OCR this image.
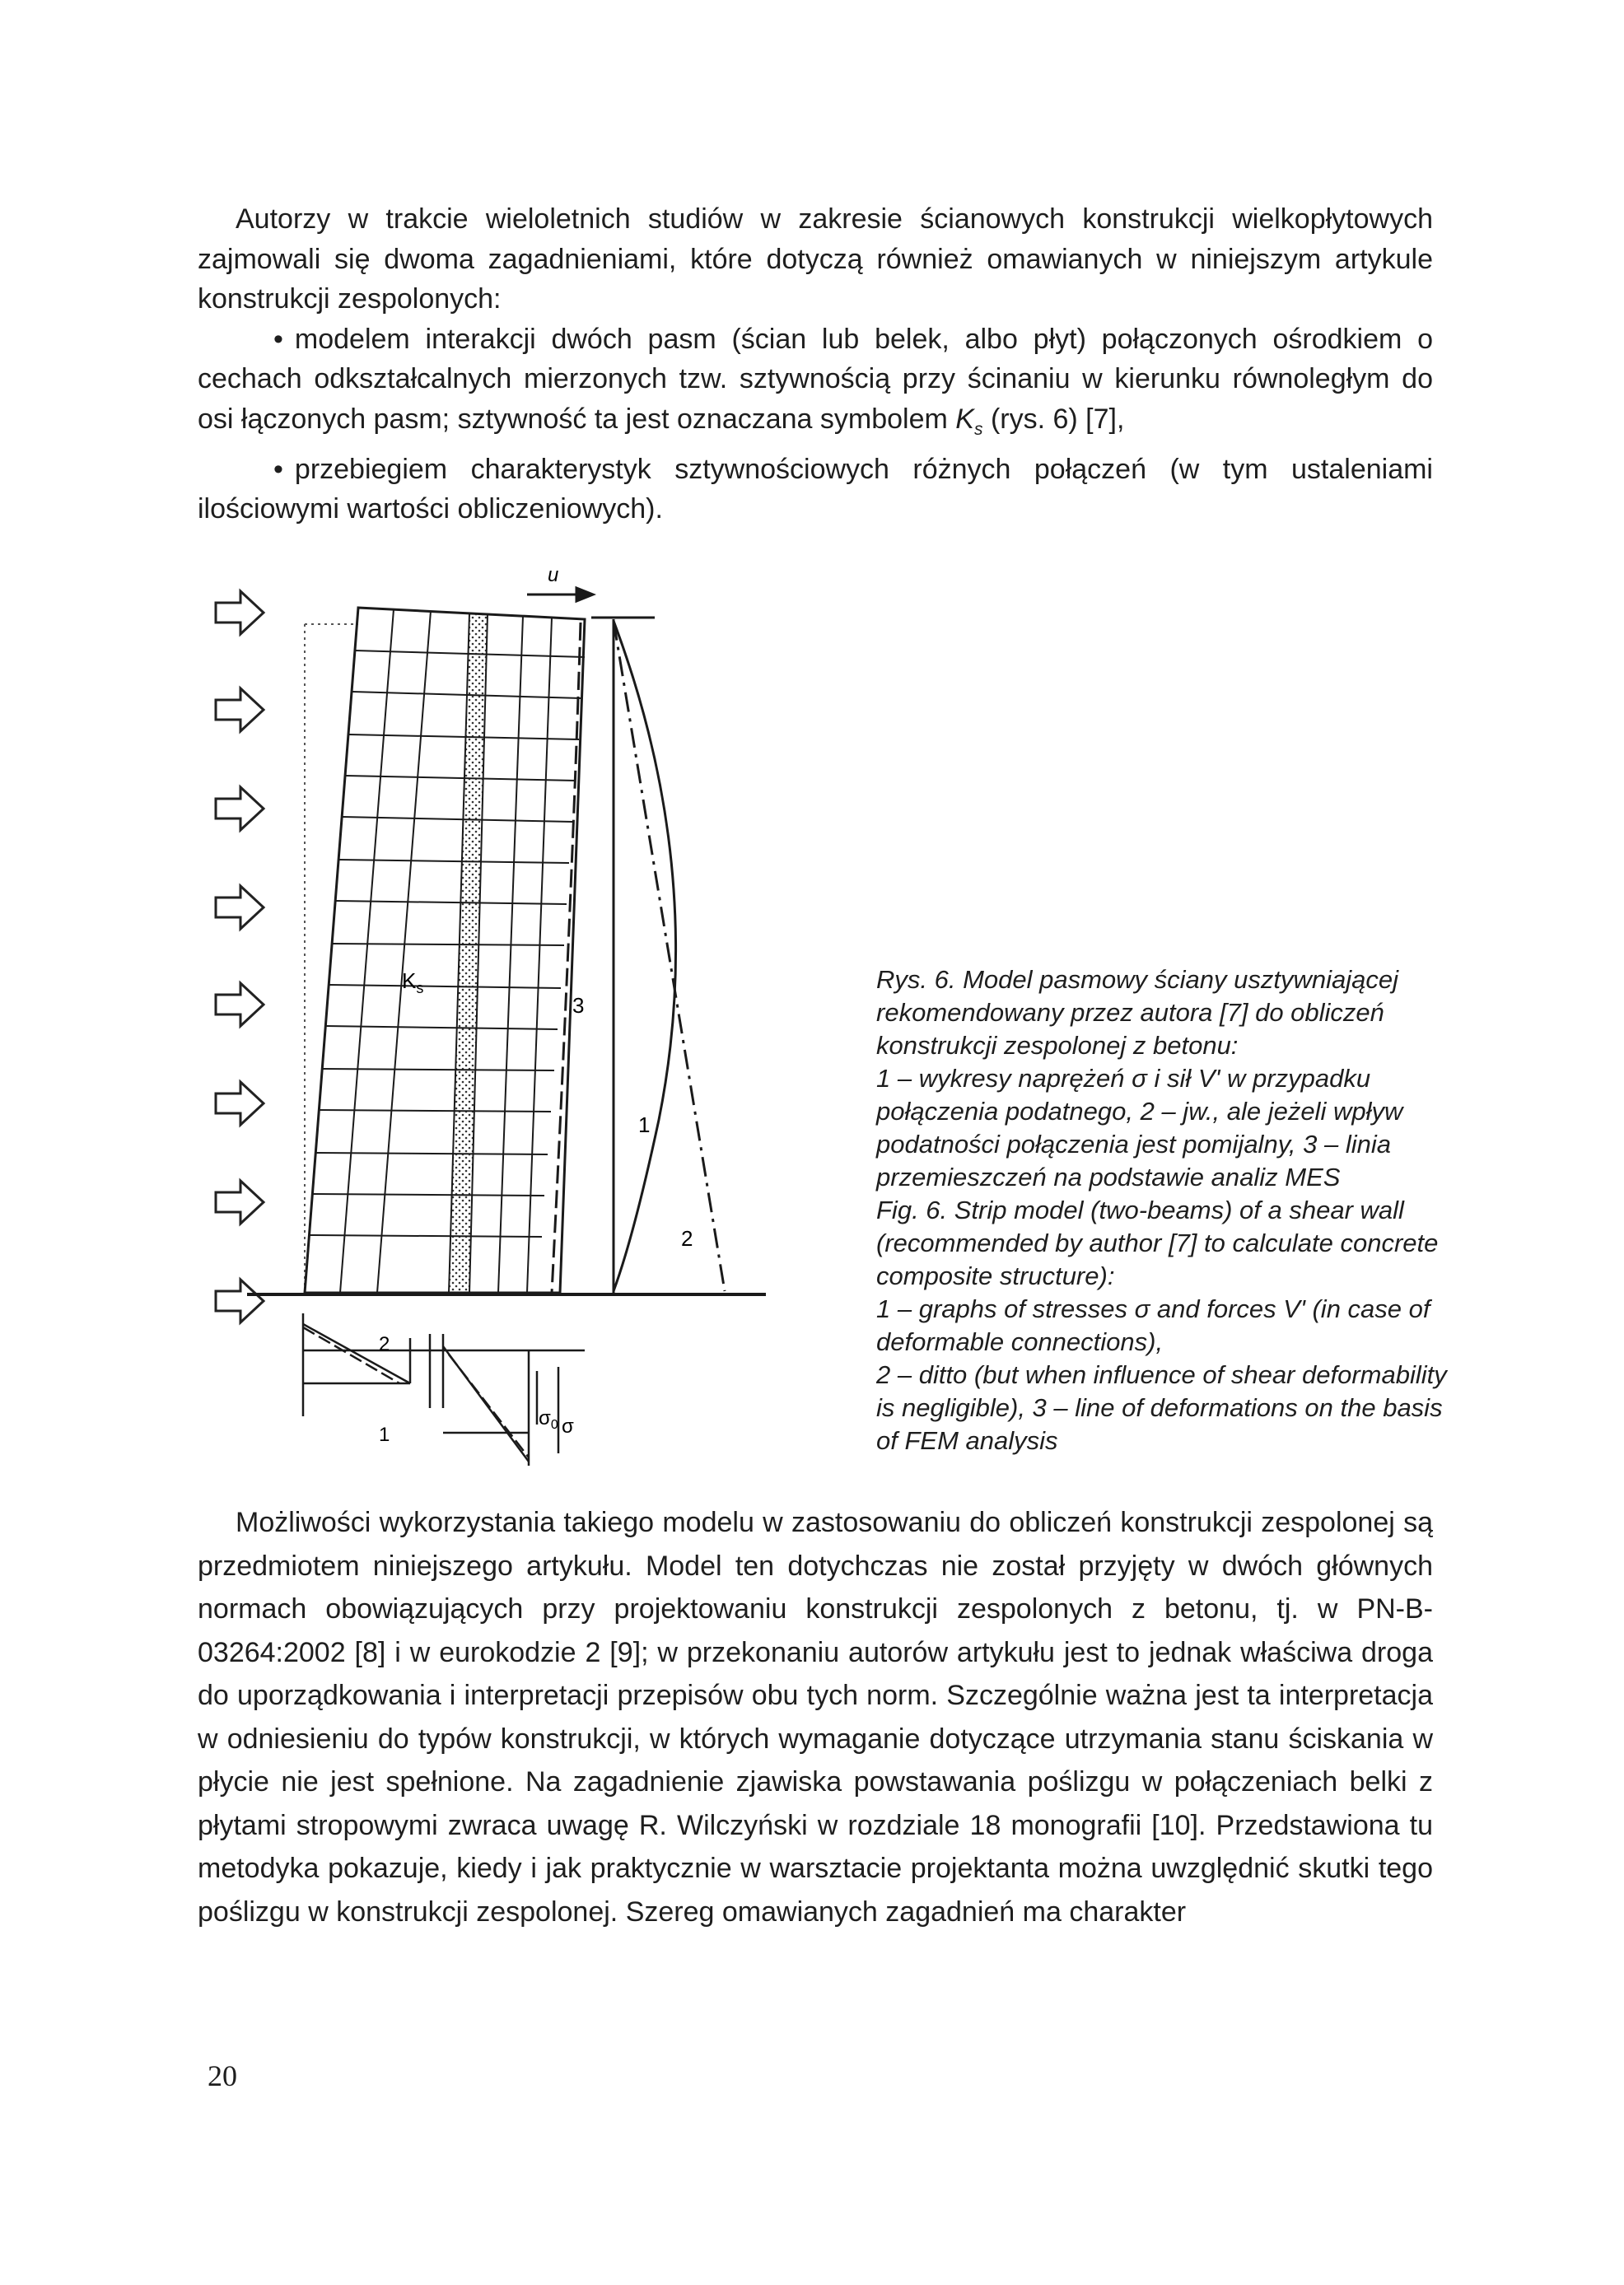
Autorzy w trakcie wieloletnich studiów w zakresie ścianowych konstrukcji wielkopłytowych zajmowali się dwoma zagadnieniami, które dotyczą również omawianych w niniejszym artykule konstrukcji zespolonych:

• modelem interakcji dwóch pasm (ścian lub belek, albo płyt) połączonych ośrodkiem o cechach odkształcalnych mierzonych tzw. sztywnością przy ścinaniu w kierunku równoległym do osi łączonych pasm; sztywność ta jest oznaczana symbolem $K_s$ (rys. 6) [7],

• przebiegiem charakterystyk sztywnościowych różnych połączeń (w tym ustaleniami ilościowymi wartości obliczeniowych).

u
$K_s$
3
1
2
2
1
$\sigma_0$ σ

Rys. 6. Model pasmowy ściany usztywniającej rekomendowany przez autora [7] do obliczeń konstrukcji zespolonej z betonu:

1 – wykresy naprężeń σ i sił V' w przypadku połączenia podatnego, 2 – jw., ale jeżeli wpływ podatności połączenia jest pomijalny, 3 – linia przemieszczeń na podstawie analiz MES

Fig. 6. Strip model (two-beams) of a shear wall (recommended by author [7] to calculate concrete composite structure):

1 – graphs of stresses σ and forces V' (in case of deformable connections),

2 – ditto (but when influence of shear deformability is negligible), 3 – line of deformations on the basis of FEM analysis

Możliwości wykorzystania takiego modelu w zastosowaniu do obliczeń konstrukcji zespolonej są przedmiotem niniejszego artykułu. Model ten dotychczas nie został przyjęty w dwóch głównych normach obowiązujących przy projektowaniu konstrukcji zespolonych z betonu, tj. w PN-B-03264:2002 [8] i w eurokodzie 2 [9]; w przekonaniu autorów artykułu jest to jednak właściwa droga do uporządkowania i interpretacji przepisów obu tych norm. Szczególnie ważna jest ta interpretacja w odniesieniu do typów konstrukcji, w których wymaganie dotyczące utrzymania stanu ściskania w płycie nie jest spełnione. Na zagadnienie zjawiska powstawania poślizgu w połączeniach belki z płytami stropowymi zwraca uwagę R. Wilczyński w rozdziale 18 monografii [10]. Przedstawiona tu metodyka pokazuje, kiedy i jak praktycznie w warsztacie projektanta można uwzględnić skutki tego poślizgu w konstrukcji zespolonej. Szereg omawianych zagadnień ma charakter

20
